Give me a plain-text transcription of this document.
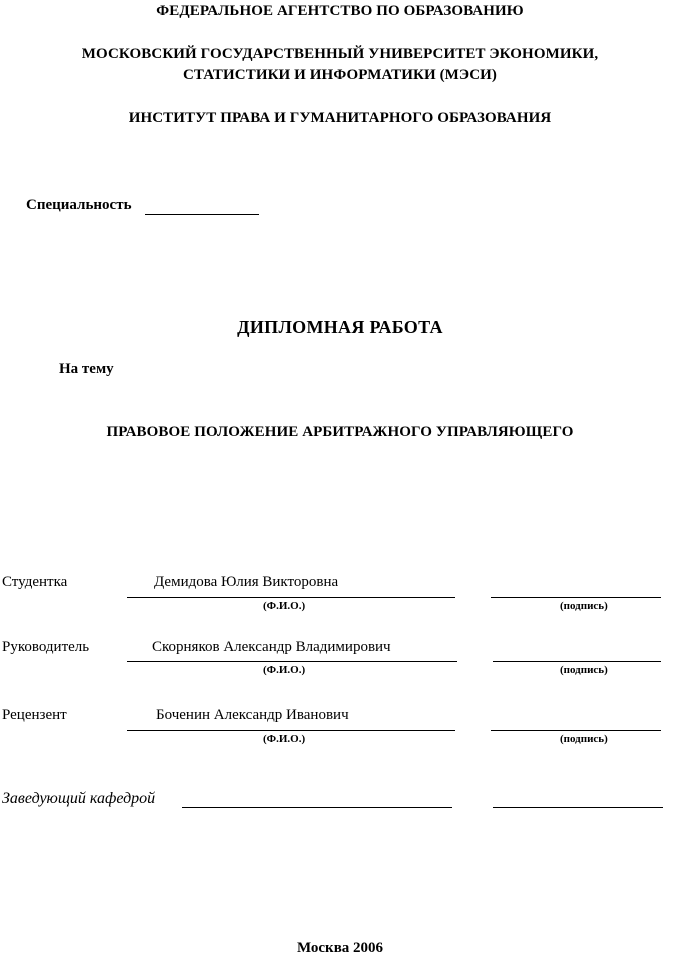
ФЕДЕРАЛЬНОЕ АГЕНТСТВО ПО ОБРАЗОВАНИЮ
МОСКОВСКИЙ ГОСУДАРСТВЕННЫЙ УНИВЕРСИТЕТ ЭКОНОМИКИ,
СТАТИСТИКИ И ИНФОРМАТИКИ (МЭСИ)
ИНСТИТУТ ПРАВА И ГУМАНИТАРНОГО ОБРАЗОВАНИЯ
Специальность
ДИПЛОМНАЯ РАБОТА
На тему
ПРАВОВОЕ ПОЛОЖЕНИЕ АРБИТРАЖНОГО УПРАВЛЯЮЩЕГО
Студентка	Демидова Юлия Викторовна
(Ф.И.О.)	(подпись)
Руководитель	Скорняков Александр Владимирович
(Ф.И.О.)	(подпись)
Рецензент	Боченин Александр Иванович
(Ф.И.О.)	(подпись)
Заведующий кафедрой
Москва 2006
